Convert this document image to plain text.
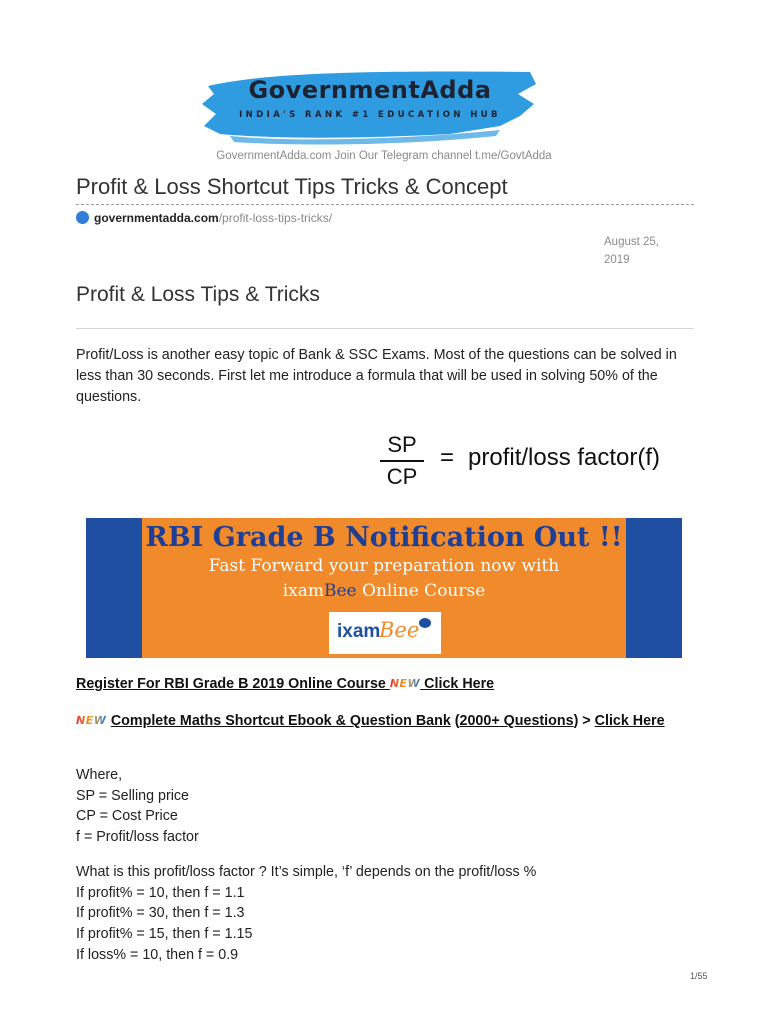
GovernmentAdda
INDIA'S RANK #1 EDUCATION HUB
GovernmentAdda.com Join Our Telegram channel t.me/GovtAdda
Profit & Loss Shortcut Tips Tricks & Concept
governmentadda.com/profit-loss-tips-tricks/
August 25,
2019
Profit & Loss Tips & Tricks
Profit/Loss is another easy topic of Bank & SSC Exams. Most of the questions can be solved in less than 30 seconds. First let me introduce a formula that will be used in solving 50% of the questions.
SP
CP
= profit/loss factor(f)
RBI Grade B Notification Out !!
Fast Forward your preparation now with
ixamBee Online Course
ixam
Bee
Register For RBI Grade B 2019 Online Course NEW Click Here
NEW Complete Maths Shortcut Ebook & Question Bank (2000+ Questions) > Click Here
Where,
SP = Selling price
CP = Cost Price
f = Profit/loss factor
What is this profit/loss factor ? It’s simple, ‘f’ depends on the profit/loss %
If profit% = 10, then f = 1.1
If profit% = 30, then f = 1.3
If profit% = 15, then f = 1.15
If loss% = 10, then f = 0.9
1/55
